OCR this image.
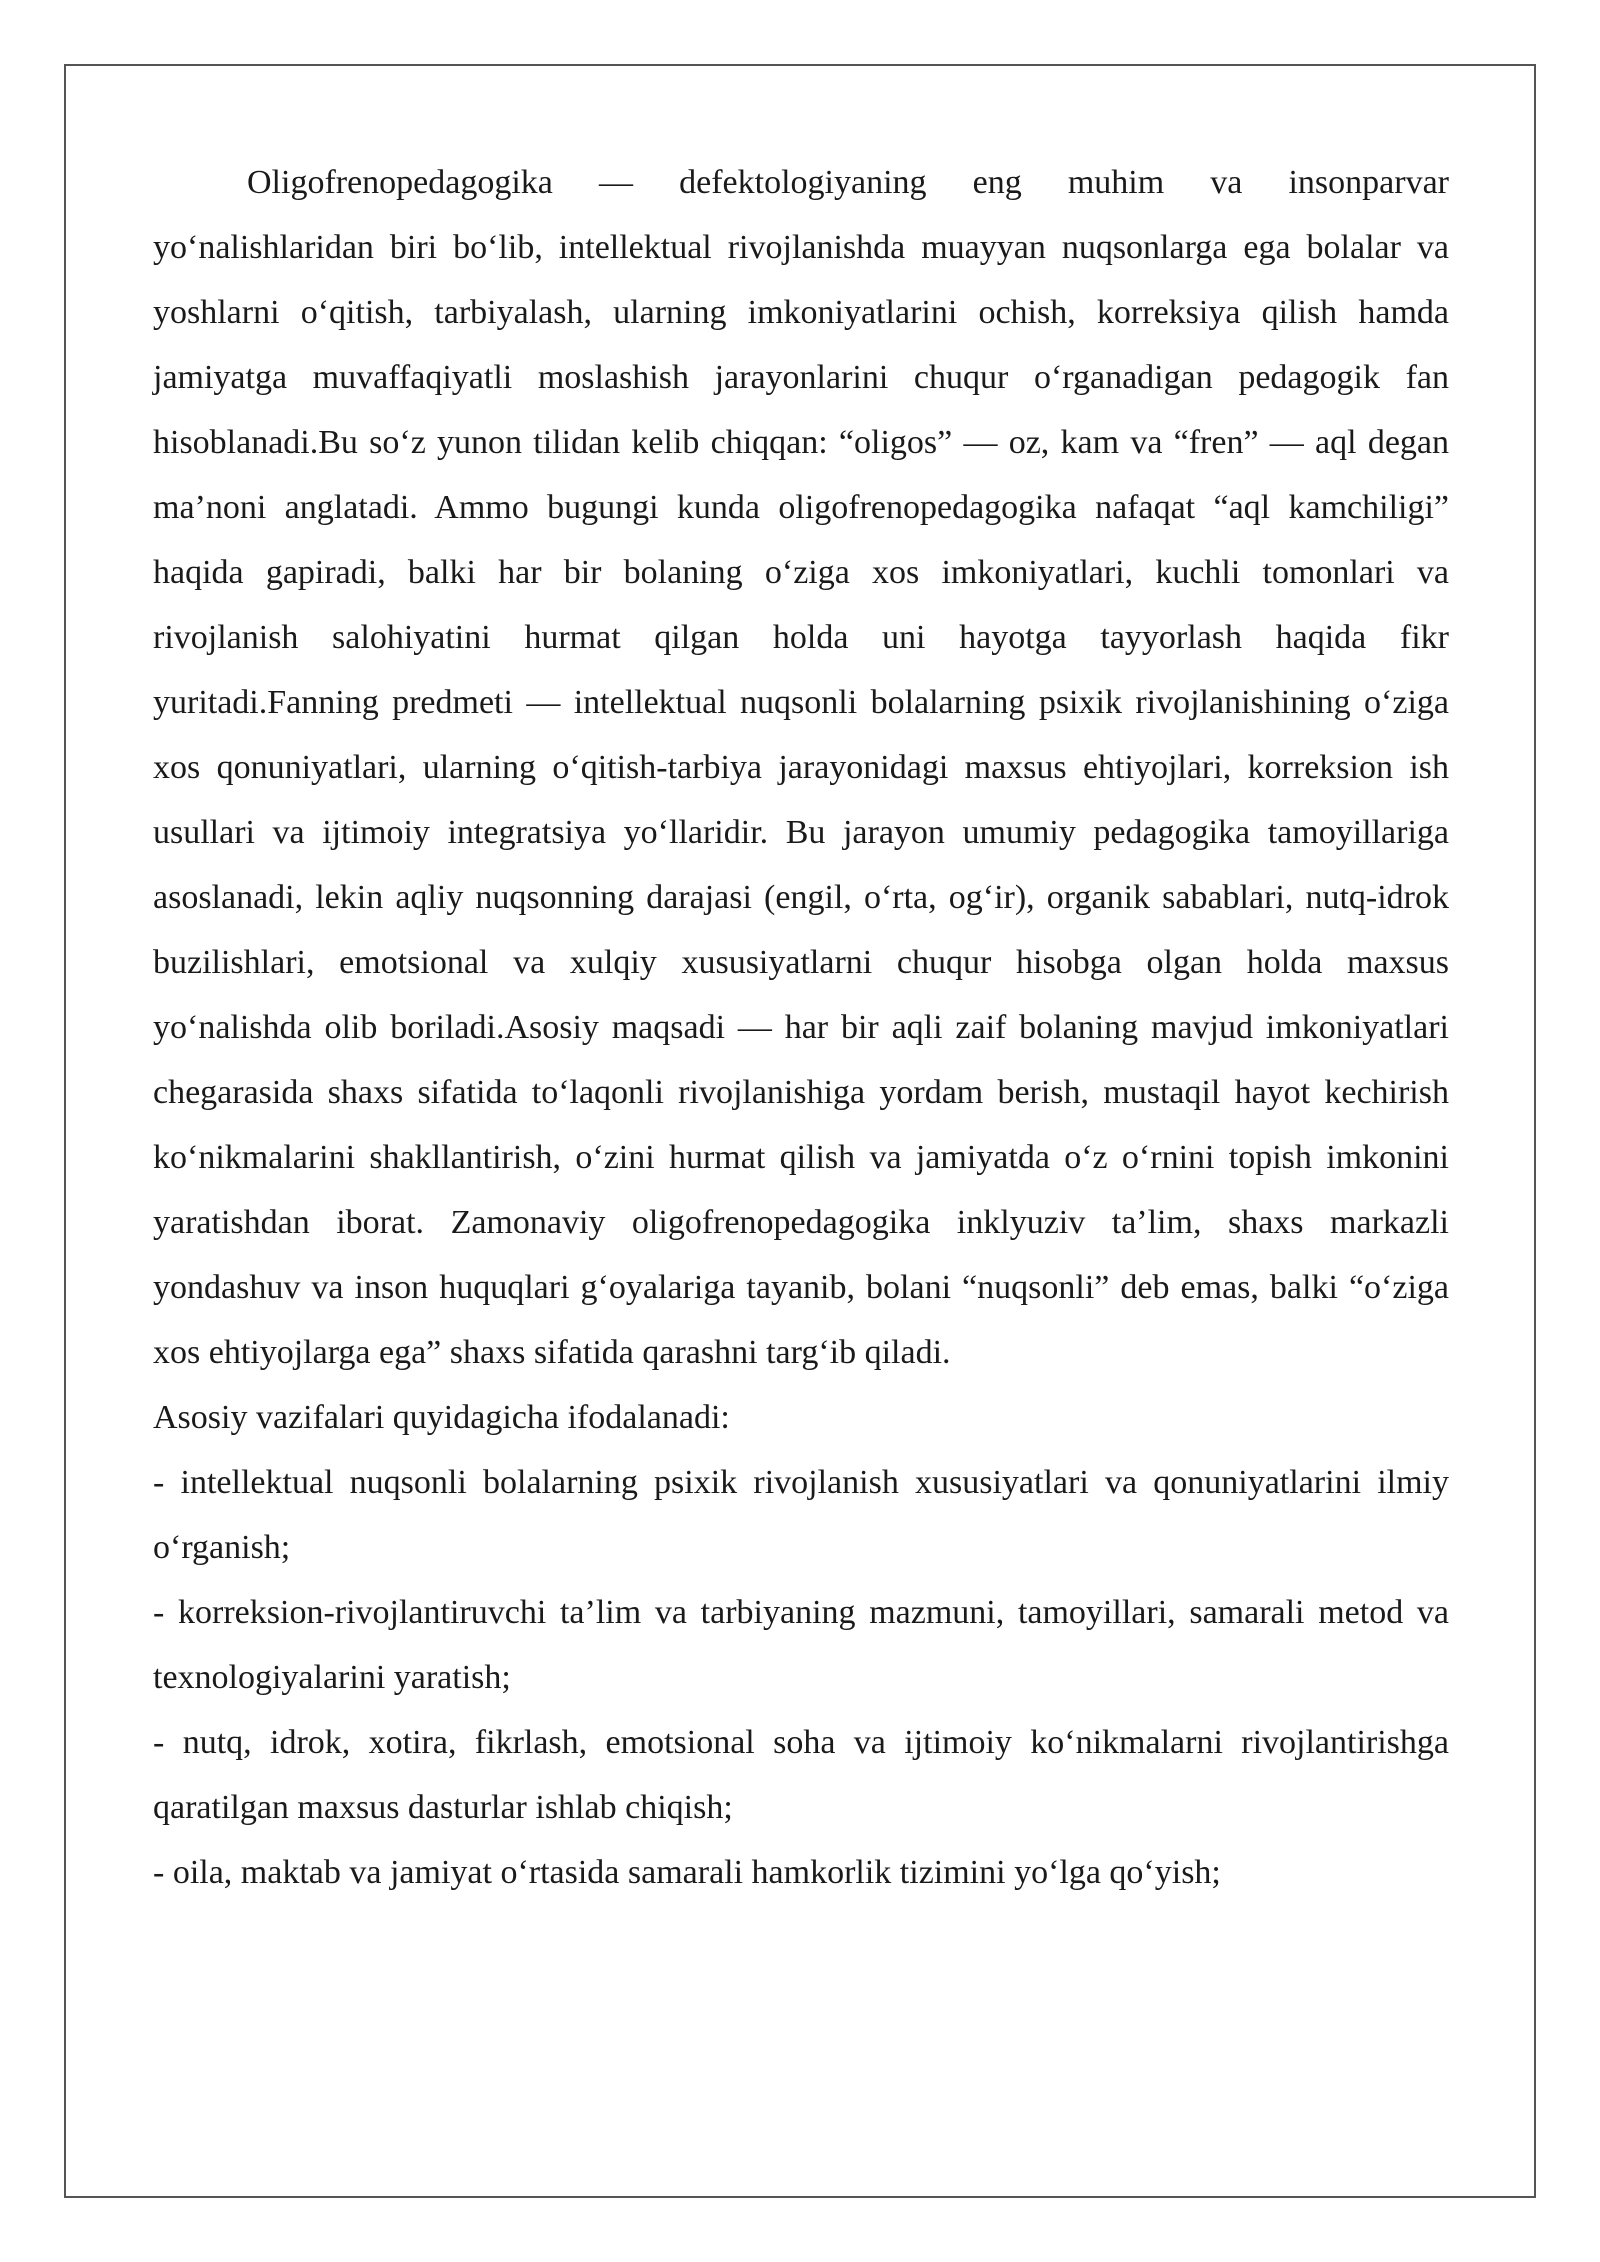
Oligofrenopedagogika — defektologiyaning eng muhim va insonparvar yo‘nalishlaridan biri bo‘lib, intellektual rivojlanishda muayyan nuqsonlarga ega bolalar va yoshlarni o‘qitish, tarbiyalash, ularning imkoniyatlarini ochish, korreksiya qilish hamda jamiyatga muvaffaqiyatli moslashish jarayonlarini chuqur o‘rganadigan pedagogik fan hisoblanadi.Bu so‘z yunon tilidan kelib chiqqan: “oligos” — oz, kam va “fren” — aql degan ma’noni anglatadi. Ammo bugungi kunda oligofrenopedagogika nafaqat “aql kamchiligi” haqida gapiradi, balki har bir bolaning o‘ziga xos imkoniyatlari, kuchli tomonlari va rivojlanish salohiyatini hurmat qilgan holda uni hayotga tayyorlash haqida fikr yuritadi.Fanning predmeti — intellektual nuqsonli bolalarning psixik rivojlanishining o‘ziga xos qonuniyatlari, ularning o‘qitish-tarbiya jarayonidagi maxsus ehtiyojlari, korreksion ish usullari va ijtimoiy integratsiya yo‘llaridir. Bu jarayon umumiy pedagogika tamoyillariga asoslanadi, lekin aqliy nuqsonning darajasi (engil, o‘rta, og‘ir), organik sabablari, nutq-idrok buzilishlari, emotsional va xulqiy xususiyatlarni chuqur hisobga olgan holda maxsus yo‘nalishda olib boriladi.Asosiy maqsadi — har bir aqli zaif bolaning mavjud imkoniyatlari chegarasida shaxs sifatida to‘laqonli rivojlanishiga yordam berish, mustaqil hayot kechirish ko‘nikmalarini shakllantirish, o‘zini hurmat qilish va jamiyatda o‘z o‘rnini topish imkonini yaratishdan iborat. Zamonaviy oligofrenopedagogika inklyuziv ta’lim, shaxs markazli yondashuv va inson huquqlari g‘oyalariga tayanib, bolani “nuqsonli” deb emas, balki “o‘ziga xos ehtiyojlarga ega” shaxs sifatida qarashni targ‘ib qiladi.

Asosiy vazifalari quyidagicha ifodalanadi:

- intellektual nuqsonli bolalarning psixik rivojlanish xususiyatlari va qonuniyatlarini ilmiy o‘rganish;

- korreksion-rivojlantiruvchi ta’lim va tarbiyaning mazmuni, tamoyillari, samarali metod va texnologiyalarini yaratish;

- nutq, idrok, xotira, fikrlash, emotsional soha va ijtimoiy ko‘nikmalarni rivojlantirishga qaratilgan maxsus dasturlar ishlab chiqish;

- oila, maktab va jamiyat o‘rtasida samarali hamkorlik tizimini yo‘lga qo‘yish;
